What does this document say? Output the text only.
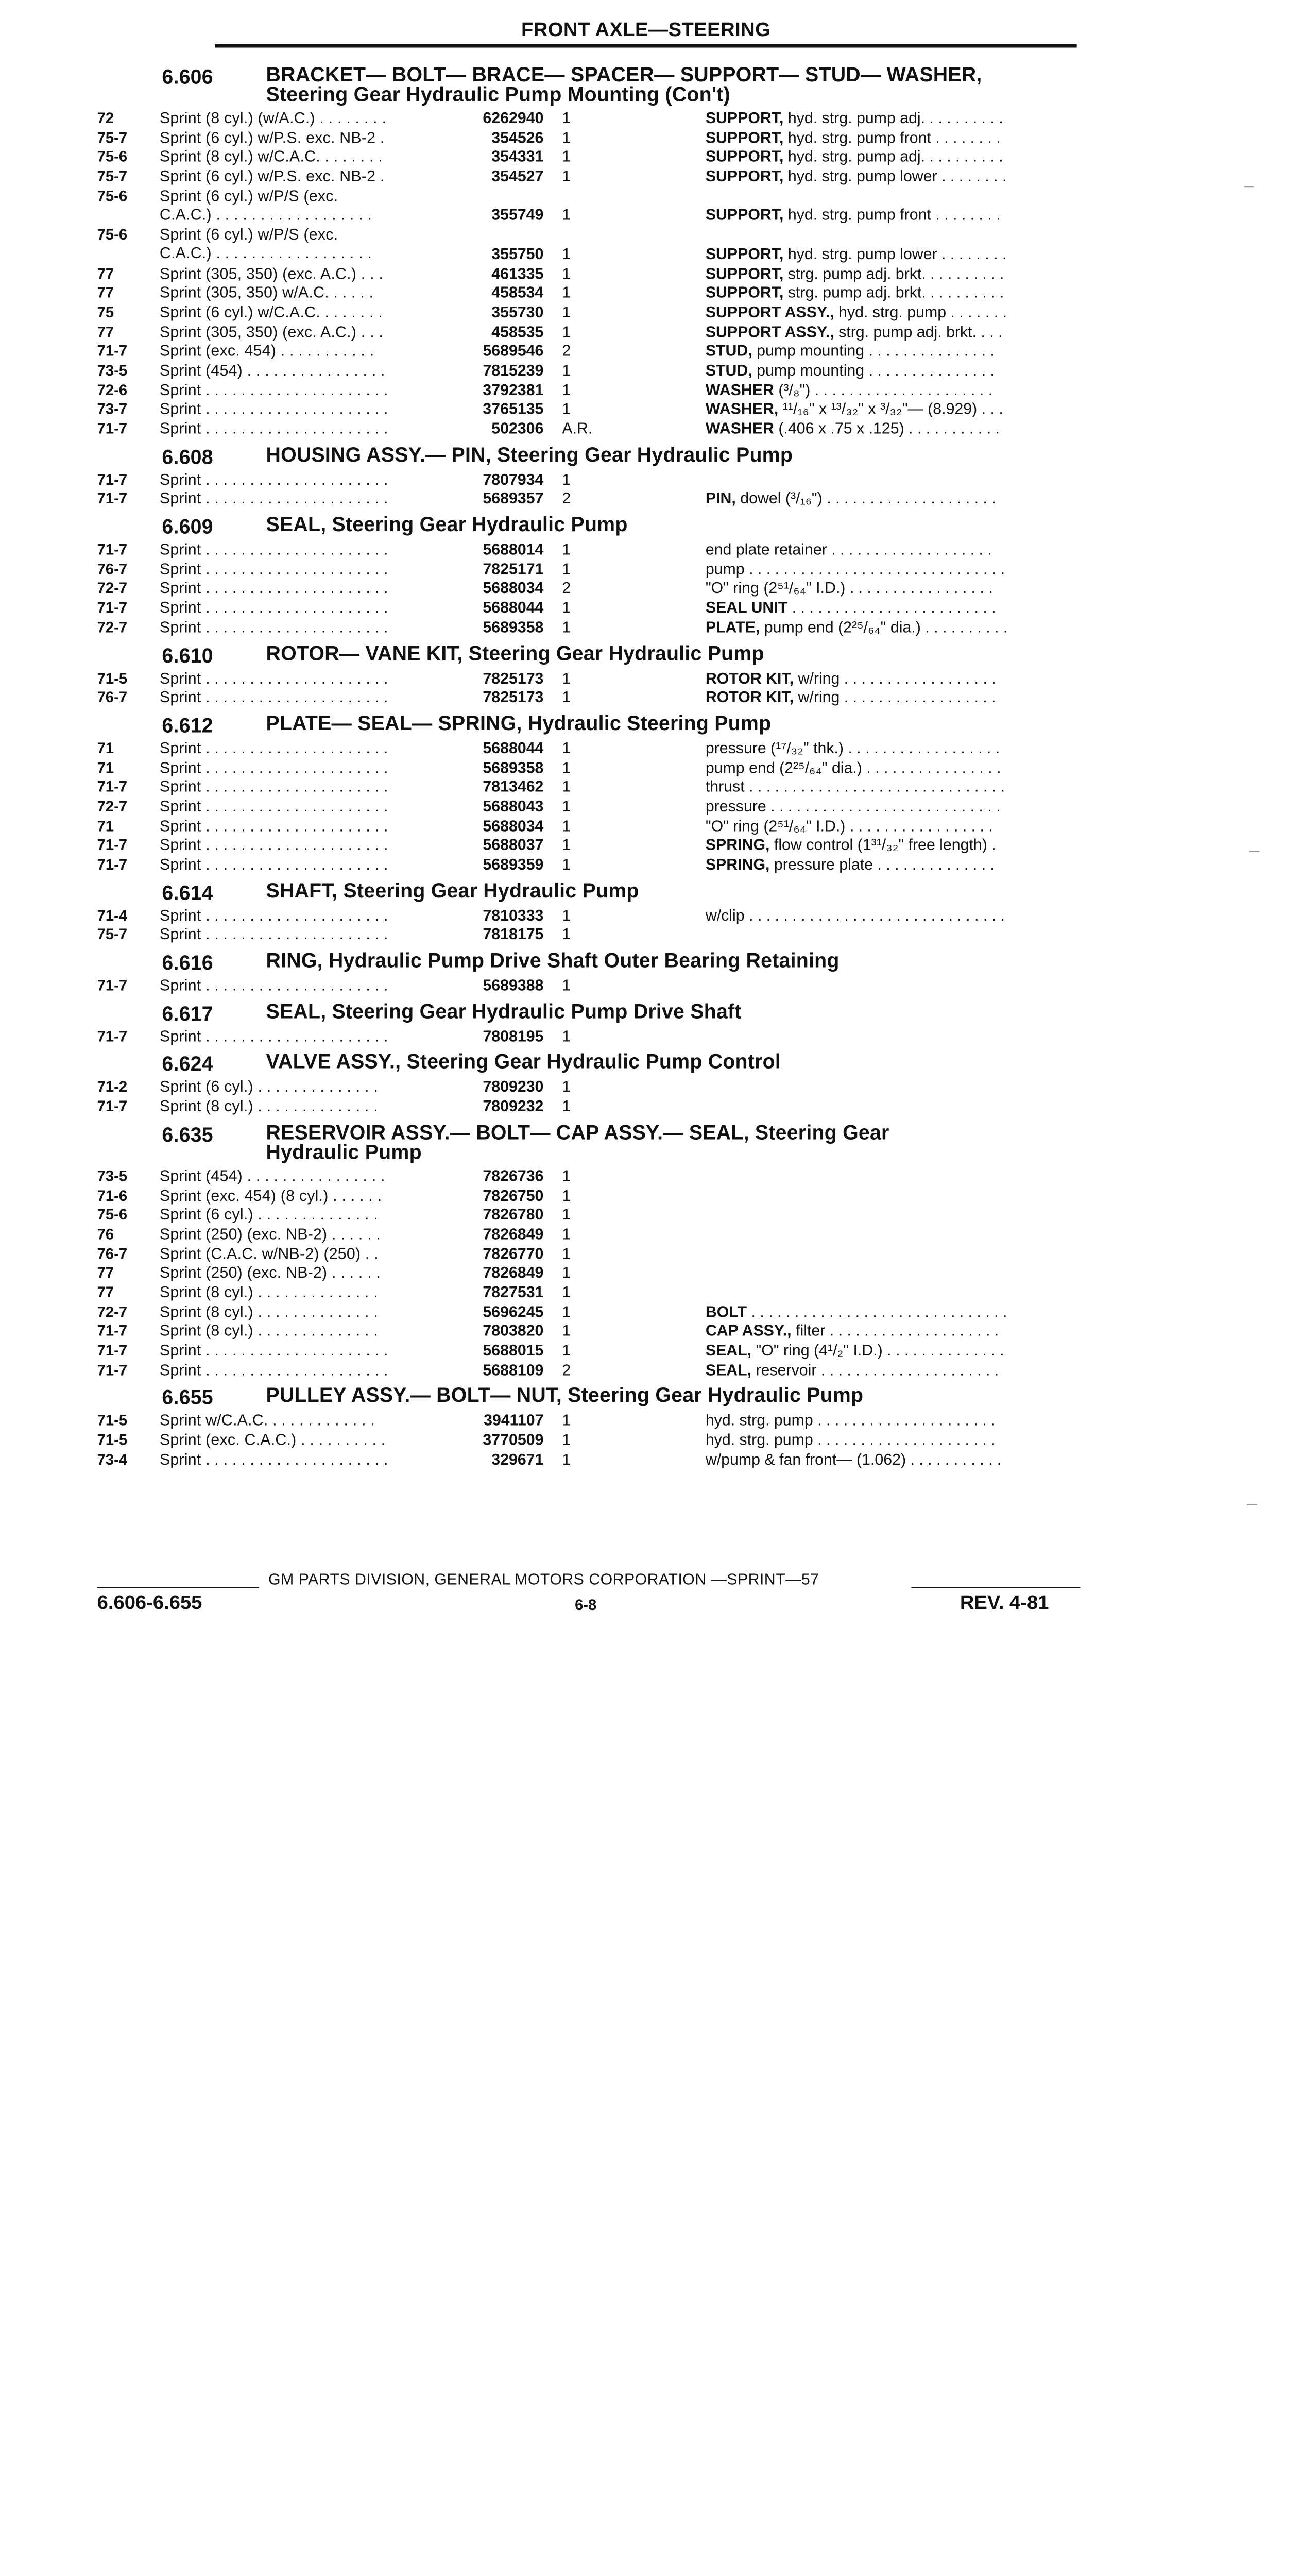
FRONT AXLE—STEERING
6.606	BRACKET— BOLT— BRACE— SPACER— SUPPORT— STUD— WASHER,
Steering Gear Hydraulic Pump Mounting (Con't)
72	Sprint (8 cyl.) (w/A.C.) . . . . . . . .	6262940	1	SUPPORT, hyd. strg. pump adj. . . . . . . . . .
75-7	Sprint (6 cyl.) w/P.S. exc. NB-2 .	354526	1	SUPPORT, hyd. strg. pump front . . . . . . . .
75-6	Sprint (8 cyl.) w/C.A.C. . . . . . . .	354331	1	SUPPORT, hyd. strg. pump adj. . . . . . . . . .
75-7	Sprint (6 cyl.) w/P.S. exc. NB-2 .	354527	1	SUPPORT, hyd. strg. pump lower . . . . . . . .
75-6	Sprint (6 cyl.) w/P/S (exc.
C.A.C.) . . . . . . . . . . . . . . . . . .	355749	1	SUPPORT, hyd. strg. pump front . . . . . . . .
75-6	Sprint (6 cyl.) w/P/S (exc.
C.A.C.) . . . . . . . . . . . . . . . . . .	355750	1	SUPPORT, hyd. strg. pump lower . . . . . . . .
77	Sprint (305, 350) (exc. A.C.) . . .	461335	1	SUPPORT, strg. pump adj. brkt. . . . . . . . . .
77	Sprint (305, 350) w/A.C. . . . . .	458534	1	SUPPORT, strg. pump adj. brkt. . . . . . . . . .
75	Sprint (6 cyl.) w/C.A.C. . . . . . . .	355730	1	SUPPORT ASSY., hyd. strg. pump . . . . . . .
77	Sprint (305, 350) (exc. A.C.) . . .	458535	1	SUPPORT ASSY., strg. pump adj. brkt. . . .
71-7	Sprint (exc. 454) . . . . . . . . . . .	5689546	2	STUD, pump mounting . . . . . . . . . . . . . . .
73-5	Sprint (454) . . . . . . . . . . . . . . . .	7815239	1	STUD, pump mounting . . . . . . . . . . . . . . .
72-6	Sprint . . . . . . . . . . . . . . . . . . . . .	3792381	1	WASHER (³/₈") . . . . . . . . . . . . . . . . . . . . .
73-7	Sprint . . . . . . . . . . . . . . . . . . . . .	3765135	1	WASHER, ¹¹/₁₆" x ¹³/₃₂" x ³/₃₂"— (8.929) . . .
71-7	Sprint . . . . . . . . . . . . . . . . . . . . .	502306	A.R.	WASHER (.406 x .75 x .125) . . . . . . . . . . .
6.608	HOUSING ASSY.— PIN, Steering Gear Hydraulic Pump
71-7	Sprint . . . . . . . . . . . . . . . . . . . . .	7807934	1
71-7	Sprint . . . . . . . . . . . . . . . . . . . . .	5689357	2	PIN, dowel (³/₁₆") . . . . . . . . . . . . . . . . . . . .
6.609	SEAL, Steering Gear Hydraulic Pump
71-7	Sprint . . . . . . . . . . . . . . . . . . . . .	5688014	1	end plate retainer . . . . . . . . . . . . . . . . . . .
76-7	Sprint . . . . . . . . . . . . . . . . . . . . .	7825171	1	pump . . . . . . . . . . . . . . . . . . . . . . . . . . . . . .
72-7	Sprint . . . . . . . . . . . . . . . . . . . . .	5688034	2	"O" ring (2⁵¹/₆₄" I.D.) . . . . . . . . . . . . . . . . .
71-7	Sprint . . . . . . . . . . . . . . . . . . . . .	5688044	1	SEAL UNIT . . . . . . . . . . . . . . . . . . . . . . . .
72-7	Sprint . . . . . . . . . . . . . . . . . . . . .	5689358	1	PLATE, pump end (2²⁵/₆₄" dia.) . . . . . . . . . .
6.610	ROTOR— VANE KIT, Steering Gear Hydraulic Pump
71-5	Sprint . . . . . . . . . . . . . . . . . . . . .	7825173	1	ROTOR KIT, w/ring . . . . . . . . . . . . . . . . . .
76-7	Sprint . . . . . . . . . . . . . . . . . . . . .	7825173	1	ROTOR KIT, w/ring . . . . . . . . . . . . . . . . . .
6.612	PLATE— SEAL— SPRING, Hydraulic Steering Pump
71	Sprint . . . . . . . . . . . . . . . . . . . . .	5688044	1	pressure (¹⁷/₃₂" thk.) . . . . . . . . . . . . . . . . . .
71	Sprint . . . . . . . . . . . . . . . . . . . . .	5689358	1	pump end (2²⁵/₆₄" dia.) . . . . . . . . . . . . . . . .
71-7	Sprint . . . . . . . . . . . . . . . . . . . . .	7813462	1	thrust . . . . . . . . . . . . . . . . . . . . . . . . . . . . . .
72-7	Sprint . . . . . . . . . . . . . . . . . . . . .	5688043	1	pressure . . . . . . . . . . . . . . . . . . . . . . . . . . .
71	Sprint . . . . . . . . . . . . . . . . . . . . .	5688034	1	"O" ring (2⁵¹/₆₄" I.D.) . . . . . . . . . . . . . . . . .
71-7	Sprint . . . . . . . . . . . . . . . . . . . . .	5688037	1	SPRING, flow control (1³¹/₃₂" free length) .
71-7	Sprint . . . . . . . . . . . . . . . . . . . . .	5689359	1	SPRING, pressure plate . . . . . . . . . . . . . .
6.614	SHAFT, Steering Gear Hydraulic Pump
71-4	Sprint . . . . . . . . . . . . . . . . . . . . .	7810333	1	w/clip . . . . . . . . . . . . . . . . . . . . . . . . . . . . . .
75-7	Sprint . . . . . . . . . . . . . . . . . . . . .	7818175	1
6.616	RING, Hydraulic Pump Drive Shaft Outer Bearing Retaining
71-7	Sprint . . . . . . . . . . . . . . . . . . . . .	5689388	1
6.617	SEAL, Steering Gear Hydraulic Pump Drive Shaft
71-7	Sprint . . . . . . . . . . . . . . . . . . . . .	7808195	1
6.624	VALVE ASSY., Steering Gear Hydraulic Pump Control
71-2	Sprint (6 cyl.) . . . . . . . . . . . . . .	7809230	1
71-7	Sprint (8 cyl.) . . . . . . . . . . . . . .	7809232	1
6.635	RESERVOIR ASSY.— BOLT— CAP ASSY.— SEAL, Steering Gear
Hydraulic Pump
73-5	Sprint (454) . . . . . . . . . . . . . . . .	7826736	1
71-6	Sprint (exc. 454) (8 cyl.) . . . . . .	7826750	1
75-6	Sprint (6 cyl.) . . . . . . . . . . . . . .	7826780	1
76	Sprint (250) (exc. NB-2) . . . . . .	7826849	1
76-7	Sprint (C.A.C. w/NB-2) (250) . .	7826770	1
77	Sprint (250) (exc. NB-2) . . . . . .	7826849	1
77	Sprint (8 cyl.) . . . . . . . . . . . . . .	7827531	1
72-7	Sprint (8 cyl.) . . . . . . . . . . . . . .	5696245	1	BOLT . . . . . . . . . . . . . . . . . . . . . . . . . . . . . .
71-7	Sprint (8 cyl.) . . . . . . . . . . . . . .	7803820	1	CAP ASSY., filter . . . . . . . . . . . . . . . . . . . .
71-7	Sprint . . . . . . . . . . . . . . . . . . . . .	5688015	1	SEAL, "O" ring (4¹/₂" I.D.) . . . . . . . . . . . . . .
71-7	Sprint . . . . . . . . . . . . . . . . . . . . .	5688109	2	SEAL, reservoir . . . . . . . . . . . . . . . . . . . . .
6.655	PULLEY ASSY.— BOLT— NUT, Steering Gear Hydraulic Pump
71-5	Sprint w/C.A.C. . . . . . . . . . . . .	3941107	1	hyd. strg. pump . . . . . . . . . . . . . . . . . . . . .
71-5	Sprint (exc. C.A.C.) . . . . . . . . . .	3770509	1	hyd. strg. pump . . . . . . . . . . . . . . . . . . . . .
73-4	Sprint . . . . . . . . . . . . . . . . . . . . .	329671	1	w/pump & fan front— (1.062) . . . . . . . . . . .
GM PARTS DIVISION, GENERAL MOTORS CORPORATION —SPRINT—57
6.606-6.655	6-8	REV. 4-81
